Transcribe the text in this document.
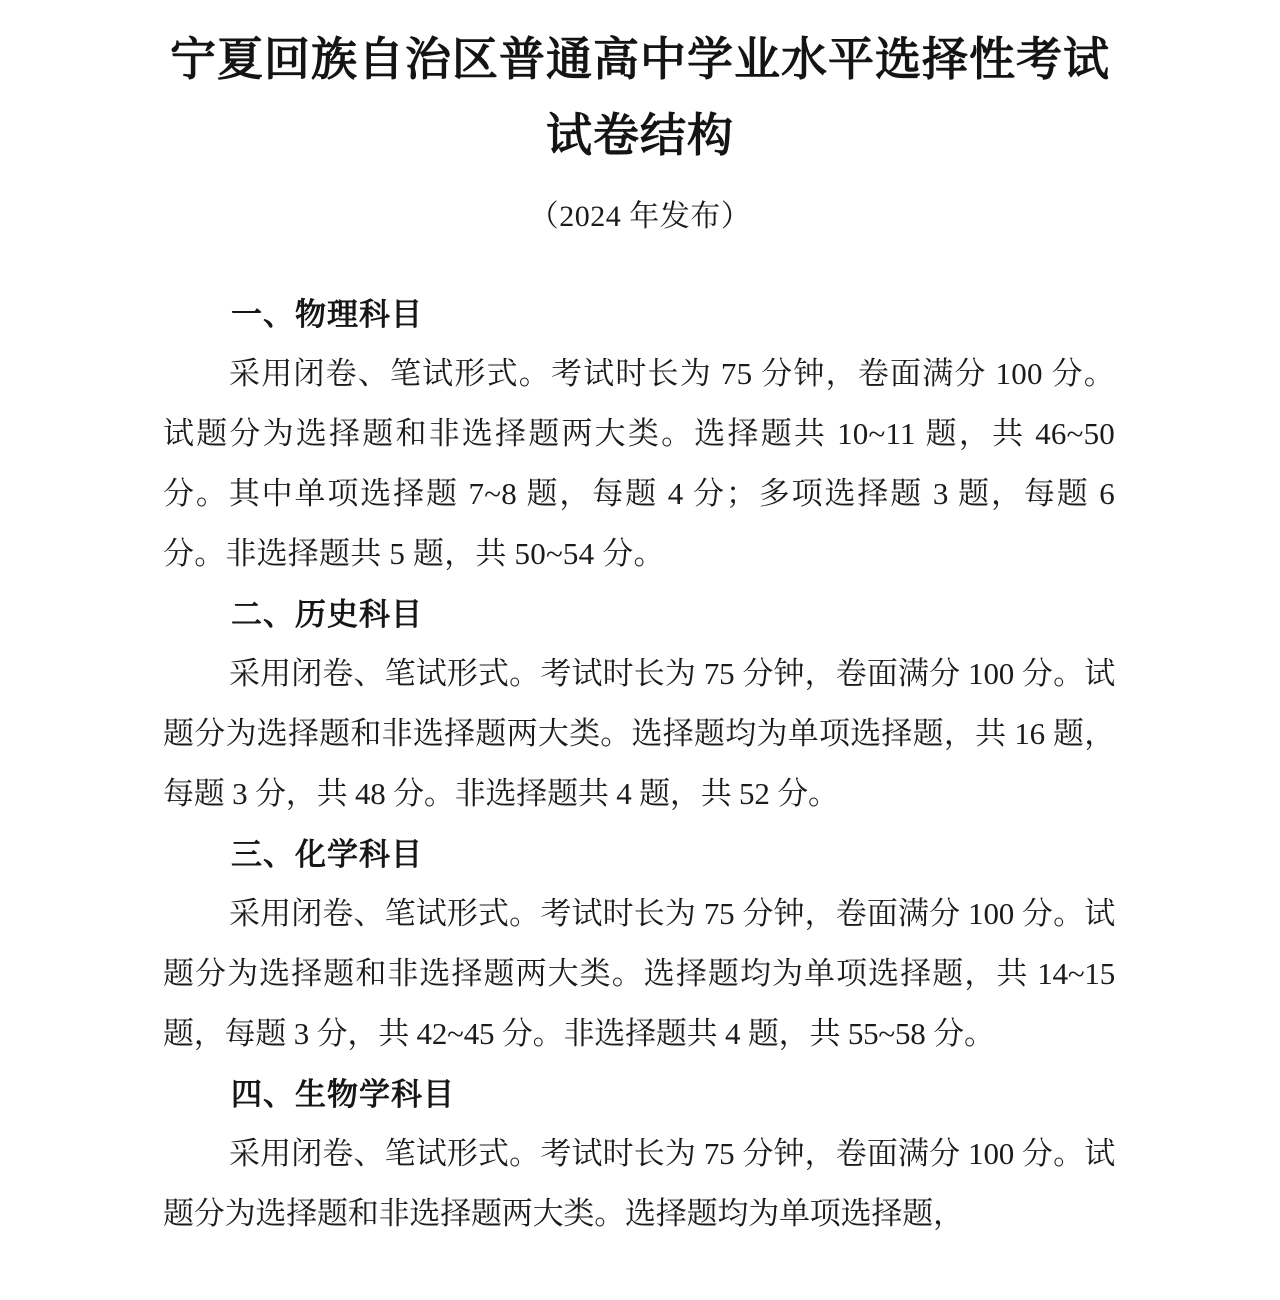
宁夏回族自治区普通高中学业水平选择性考试
试卷结构
（2024 年发布）
一、物理科目

采用闭卷、笔试形式。考试时长为 75 分钟，卷面满分 100 分。试题分为选择题和非选择题两大类。选择题共 10~11 题，共 46~50 分。其中单项选择题 7~8 题，每题 4 分；多项选择题 3 题，每题 6 分。非选择题共 5 题，共 50~54 分。

二、历史科目

采用闭卷、笔试形式。考试时长为 75 分钟，卷面满分 100 分。试题分为选择题和非选择题两大类。选择题均为单项选择题，共 16 题，每题 3 分，共 48 分。非选择题共 4 题，共 52 分。

三、化学科目

采用闭卷、笔试形式。考试时长为 75 分钟，卷面满分 100 分。试题分为选择题和非选择题两大类。选择题均为单项选择题，共 14~15 题，每题 3 分，共 42~45 分。非选择题共 4 题，共 55~58 分。

四、生物学科目

采用闭卷、笔试形式。考试时长为 75 分钟，卷面满分 100 分。试题分为选择题和非选择题两大类。选择题均为单项选择题，
